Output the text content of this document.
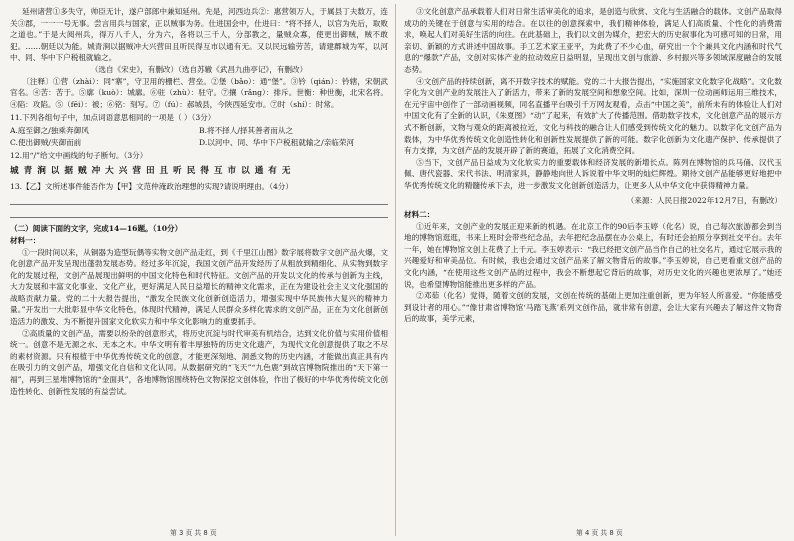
延州诸营①多失守，帅臣无计，遂户部郎中兼知延州。先是，河西边兵②：惠营领万人，于属县丁夫数万，连关③郡，一一一号无事。尝言用兵与国家，正以贼事为务。仕进国会中，仕进曰：“将不择人，以官为先后，取败之道也。”于是大阅州兵，得万八千人，分为六，各将以三千人，分部教之，量贼众寡，使更出御贼，贼不敢犯。……朝廷以为能。城青涧以据贼冲大兴营田且听民得互市以通有无。又以民远输劳苦，请建鄜城为军，以河中、同、华中下户税租就输之。

（选自《宋史》，有删改）（选自苏辙《武昌九曲亭记》，有删改）

〔注释〕①营（zhài）：同“寨”，守卫用的栅栏、营垒。②堡（bǎo）：通“堡”。③钤（qián）：钤辖，宋朝武官名。④苦：苦于。⑤廓（kuò）：城廓。⑥驻（zhù）：驻守。⑦攘（rǎng）：排斥。世衡：种世衡，北宋名将。④陷：攻陷。⑤（fēi）：被；⑥铭：刻写。⑦（fú）：郝城县，今陕西延安市。⑦时（shí）：时常。

11.下列各组句子中，加点词语意思相同的一项是（ ）（3分）

A.庭至御之/独乘奔御风	B.将不择人/择其善者而从之
C.使出御贼/夹御而前	D.以河中、同、华中下户税租就输之/亲临荣河

12.用“/”给文中画线的句子断句。（3分）

城青涧以据贼冲大兴营田且听民得互市以通有无

13.【乙】文所述事件能否作为【甲】文范仲淹政治理想的实现?请说明理由。（4分）

（二）阅读下面的文字，完成14—16题。（10分）

材料一：

①一段时间以来，从铜器为造型玩偶等实物文创产品走红，到《千里江山图》数字展将数字文创产品火爆，文化创意产品开发呈现出蓬勃发展态势。经过多年沉淀，我国文创产品开发经历了从粗放到精细化、从实物到数字化的发展过程，文创产品展现出鲜明的中国文化特色和时代特征。文创产品的开发以文化的传承与创新为主线，大力发展和丰富文化事业、文化产业，更好满足人民日益增长的精神文化需求，正在为建设社会主义文化强国的战略贡献力量。党的二十大报告提出，“激发全民族文化创新创造活力，增强实现中华民族伟大复兴的精神力量。”开发出一大批彰显中华文化特色，体现时代精神，满足人民群众多样化需求的文创产品，正在为文化创新创造活力的激发、为不断提升国家文化软实力和中华文化影响力的重要抓手。

②高质量的文创产品，需要以纷杂的创意形式，将历史沉淀与时代审美有机结合，达到文化价值与实用价值相统一。创意不是无源之水、无本之木。中华文明有着丰厚独特的历史文化遗产，为现代文化创意提供了取之不尽的素材资源。只有根植于中华优秀传统文化的创意，才能更深刻地、洞悉文物的历史内涵，才能做出真正具有内在吸引力的文创产品，增强文化自信和文化认同。从数据研究的“飞天”“九色鹿”到故宫博物院推出的“天下第一福”，再到三星堆博物馆的“金面具”，各地博物馆围绕特色文物深挖文创体验，作出了极好的中华优秀传统文化创造性转化、创新性发展的有益尝试。

③文化创意产品承载着人们对日常生活审美化的追求，是创造与欣赏、文化与生活融合的载体。文创产品取得成功的关键在于创意与实用的结合。在以往的创意探索中，我们精神体验，满足人们高质量、个性化的消费需求，唤起人们对美好生活的向往。在此基础上，我们以文创为媒介，把宏大的历史叙事化为可感可知的日常，用亲切、新颖的方式讲述中国故事。手工艺术家王亚平，为此费了不少心血，研究出一个个兼具文化内涵和时代气息的“爆款”产品，文创对实体产业的拉动效应日益明显，呈现出文创与旅游、乡村振兴等多领域深度融合的发展态势。

④文创产品的持续创新，离不开数字技术的赋能。党的二十大报告提出，“实施国家文化数字化战略”。文化数字化为文创产业的发展注入了新活力，带来了新的发展空间和想象空间。比如，深圳一位动画师运用三维技术，在元宇宙中创作了一部动画视频，同名直播平台吸引千万网友观看，点击“中国之美”，前所未有的体验让人们对中国文化有了全新的认识，《朱夏图》“动”了起来，有效扩大了传播范围。借助数字技术，文化创意产品的展示方式不断创新，文物与观众的距离被拉近，文化与科技的融合让人们感受到传统文化的魅力。以数字化文创产品为载体，为中华优秀传统文化创造性转化和创新性发展提供了新的可能。数字化创新为文化遗产保护、传承提供了有力支撑，为文创产品的发展开辟了新的赛道，拓展了文化消费空间。

⑤当下，文创产品日益成为文化软实力的重要载体和经济发展的新增长点。陈列在博物馆的兵马俑、汉代玉佩、唐代瓷器、宋代书法、明清家具，静静地向世人诉说着中华文明的灿烂辉煌。期待文创产品能够更好地把中华优秀传统文化的精髓传承下去，进一步激发文化创新创造活力，让更多人从中华文化中获得精神力量。

（来源：人民日报2022年12月7日，有删改）

材料二：

①近年来，文创产业的发展正迎来新的机遇。在北京工作的90后李玉婷（化名）说，自己每次旅游都会到当地的博物馆逛逛，书来上班时会带些纪念品，去年把纪念品摆在办公桌上，有时还会拍照分享到社交平台。去年一年，她在博物馆文创上花费了上千元。李玉婷表示：“我已经把文创产品当作自己的社交名片，通过它展示我的兴趣爱好和审美品位。有时候，我也会通过文创产品来了解文物背后的故事。”李玉婷说，自己更看重文创产品的文化内涵，“在使用这些文创产品的过程中，我会不断想起它背后的故事，对历史文化的兴趣也更浓厚了。”她还说，也希望博物馆能推出更多样的产品。

②邓茹（化名）觉得，随着文创的发展，文创在传统的基础上更加注重创新，更为年轻人所喜爱。“你能感受到设计者的用心。”“像甘肃省博物馆‘马踏飞燕’系列文创作品，就非常有创意，会让大家有兴趣去了解这件文物背后的故事，美学元素，

第 3 页 共 8 页	第 4 页 共 8 页
